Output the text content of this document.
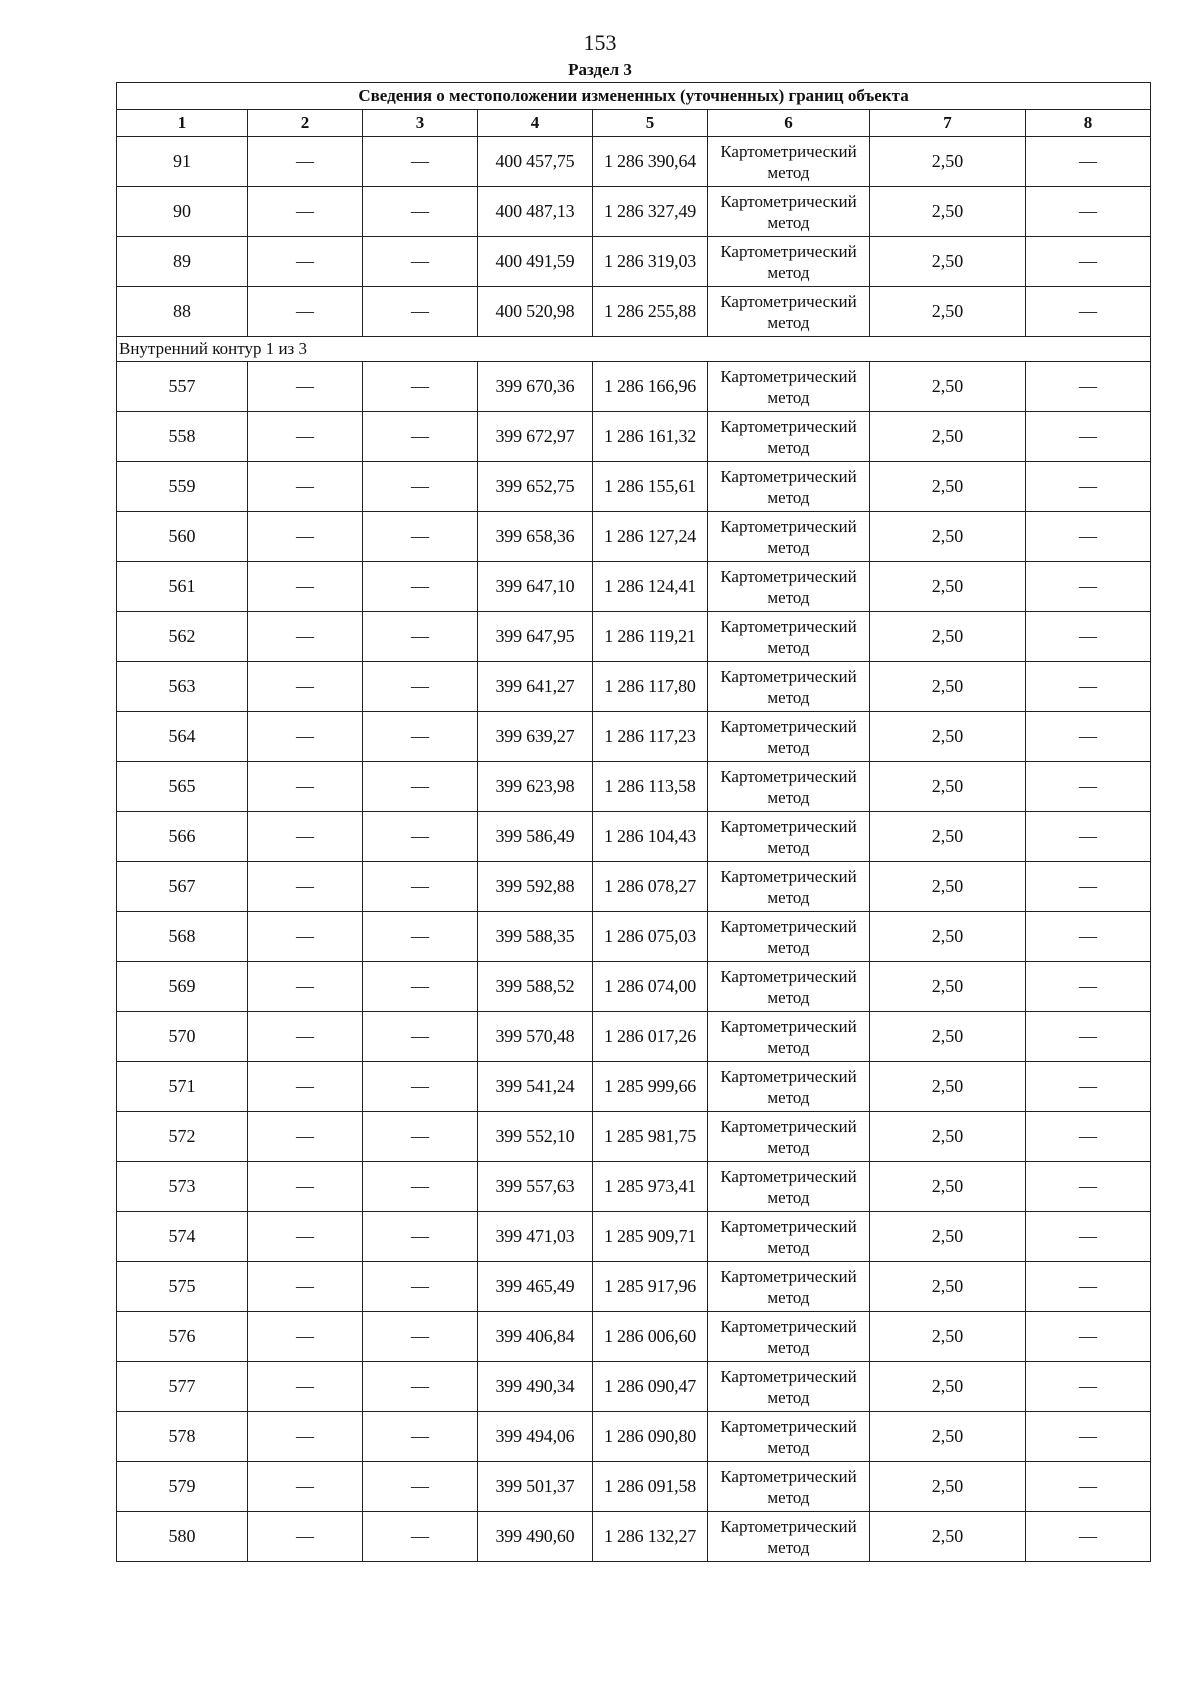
153
Раздел 3
Сведения о местоположении измененных (уточненных) границ объекта							
1	2	3	4	5	6	7	8
91	—	—	400 457,75	1 286 390,64	Картометрический метод	2,50	—
90	—	—	400 487,13	1 286 327,49	Картометрический метод	2,50	—
89	—	—	400 491,59	1 286 319,03	Картометрический метод	2,50	—
88	—	—	400 520,98	1 286 255,88	Картометрический метод	2,50	—
Внутренний контур 1 из 3							
557	—	—	399 670,36	1 286 166,96	Картометрический метод	2,50	—
558	—	—	399 672,97	1 286 161,32	Картометрический метод	2,50	—
559	—	—	399 652,75	1 286 155,61	Картометрический метод	2,50	—
560	—	—	399 658,36	1 286 127,24	Картометрический метод	2,50	—
561	—	—	399 647,10	1 286 124,41	Картометрический метод	2,50	—
562	—	—	399 647,95	1 286 119,21	Картометрический метод	2,50	—
563	—	—	399 641,27	1 286 117,80	Картометрический метод	2,50	—
564	—	—	399 639,27	1 286 117,23	Картометрический метод	2,50	—
565	—	—	399 623,98	1 286 113,58	Картометрический метод	2,50	—
566	—	—	399 586,49	1 286 104,43	Картометрический метод	2,50	—
567	—	—	399 592,88	1 286 078,27	Картометрический метод	2,50	—
568	—	—	399 588,35	1 286 075,03	Картометрический метод	2,50	—
569	—	—	399 588,52	1 286 074,00	Картометрический метод	2,50	—
570	—	—	399 570,48	1 286 017,26	Картометрический метод	2,50	—
571	—	—	399 541,24	1 285 999,66	Картометрический метод	2,50	—
572	—	—	399 552,10	1 285 981,75	Картометрический метод	2,50	—
573	—	—	399 557,63	1 285 973,41	Картометрический метод	2,50	—
574	—	—	399 471,03	1 285 909,71	Картометрический метод	2,50	—
575	—	—	399 465,49	1 285 917,96	Картометрический метод	2,50	—
576	—	—	399 406,84	1 286 006,60	Картометрический метод	2,50	—
577	—	—	399 490,34	1 286 090,47	Картометрический метод	2,50	—
578	—	—	399 494,06	1 286 090,80	Картометрический метод	2,50	—
579	—	—	399 501,37	1 286 091,58	Картометрический метод	2,50	—
580	—	—	399 490,60	1 286 132,27	Картометрический метод	2,50	—
